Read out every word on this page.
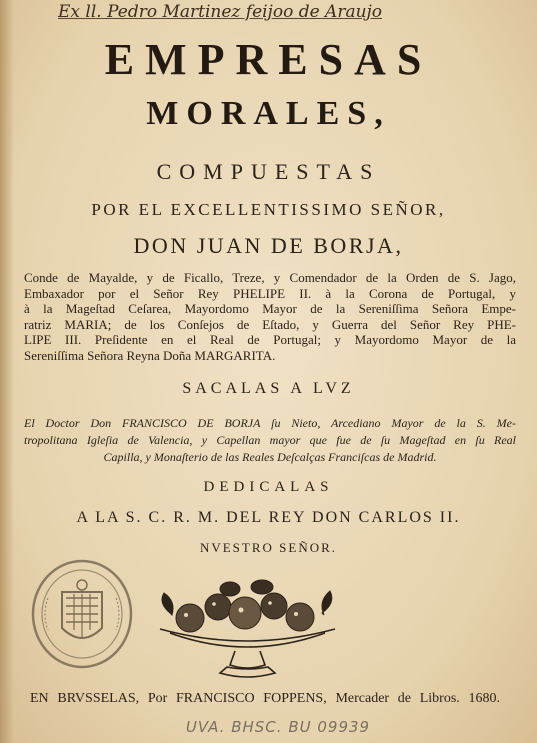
Ex ll. Pedro Martinez feijoo de Araujo
EMPRESAS
MORALES,
COMPUESTAS
POR EL EXCELLENTISSIMO SEÑOR,
DON JUAN DE BORJA,
Conde de Mayalde, y de Ficallo, Treze, y Comendador de la Orden de S. Jago,
Embaxador por el Señor Rey PHELIPE II. à la Corona de Portugal, y
à la Mageſtad Ceſarea, Mayordomo Mayor de la Sereniſſima Señora Empe-
ratriz MARIA; de los Conſejos de Eſtado, y Guerra del Señor Rey PHE-
LIPE III. Preſidente en el Real de Portugal; y Mayordomo Mayor de la
Sereniſſima Señora Reyna Doña MARGARITA.
SACALAS A LVZ
El Doctor Don FRANCISCO DE BORJA ſu Nieto, Arcediano Mayor de la S. Me-
tropolitana Igleſia de Valencia, y Capellan mayor que fue de ſu Mageſtad en ſu Real
Capilla, y Monaſterio de las Reales Deſcalças Franciſcas de Madrid.
DEDICALAS
A LA S. C. R. M. DEL REY DON CARLOS II.
NVESTRO SEÑOR.
EN BRVSSELAS, Por FRANCISCO FOPPENS, Mercader de Libros. 1680.
UVA. BHSC. BU 09939
